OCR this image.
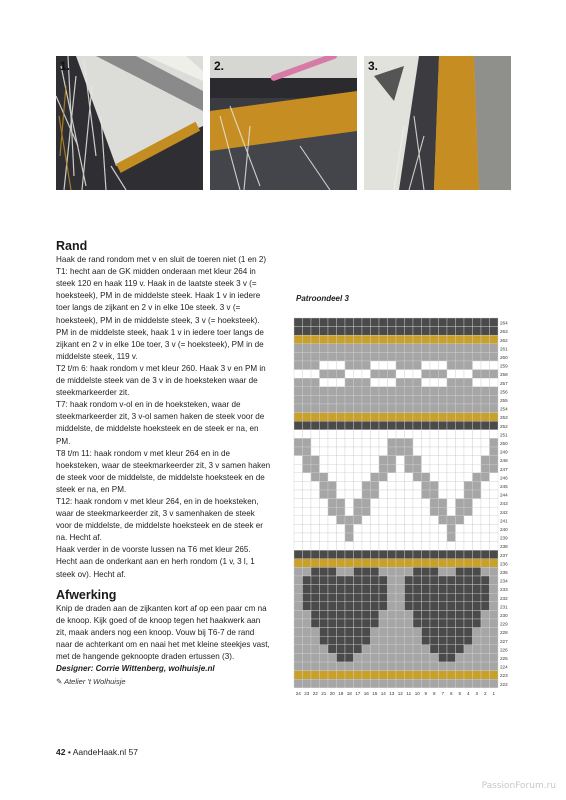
1.	2.	3.
Rand

Haak de rand rondom met v en sluit de toeren niet (1 en 2)

T1: hecht aan de GK midden onderaan met kleur 264 in steek 120 en haak 119 v. Haak in de laatste steek 3 v (= hoeksteek), PM in de middelste steek. Haak 1 v in iedere toer langs de zijkant en 2 v in elke 10e steek. 3 v (= hoeksteek), PM in de middelste steek, 3 v (= hoeksteek). PM in de middelste steek, haak 1 v in iedere toer langs de zijkant en 2 v in elke 10e toer, 3 v (= hoeksteek), PM in de middelste steek, 119 v.

T2 t/m 6: haak rondom v met kleur 260. Haak 3 v en PM in de middelste steek van de 3 v in de hoeksteken waar de steekmarkeerder zit.

T7: haak rondom v-ol en in de hoeksteken, waar de steekmarkeerder zit, 3 v-ol samen haken de steek voor de middelste, de middelste hoeksteek en de steek er na, en PM.

T8 t/m 11: haak rondom v met kleur 264 en in de hoeksteken, waar de steekmarkeerder zit, 3 v samen haken de steek voor de middelste, de middelste hoeksteek en de steek er na, en PM.

T12: haak rondom v met kleur 264, en in de hoeksteken, waar de steekmarkeerder zit, 3 v samenhaken de steek voor de middelste, de middelste hoeksteek en de steek er na. Hecht af.

Haak verder in de voorste lussen na T6 met kleur 265. Hecht aan de onderkant aan en herh rondom (1 v, 3 l, 1 steek ov). Hecht af.

Afwerking

Knip de draden aan de zijkanten kort af op een paar cm na de knoop. Kijk goed of de knoop tegen het haakwerk aan zit, maak anders nog een knoop. Vouw bij T6-7 de rand naar de achterkant om en naai het met kleine steekjes vast, met de hangende geknoopte draden ertussen (3).

Designer: Corrie Wittenberg, wolhuisje.nl

✎ Atelier 't Wolhuisje

Patroondeel 3
264
263
262
261
260
259
258
257
256
255
254
253
252
251
250
249
248
247
246
245
244
243
242
241
240
239
238
237
236
235
234
233
232
231
230
229
228
227
226
225
224
223
222
24 23 22 21 20 19 18 17 16 15 14 13 12 11 10 9 8 7 6 5 4 3 2 1
42 • AandeHaak.nl 57
PassionForum.ru
